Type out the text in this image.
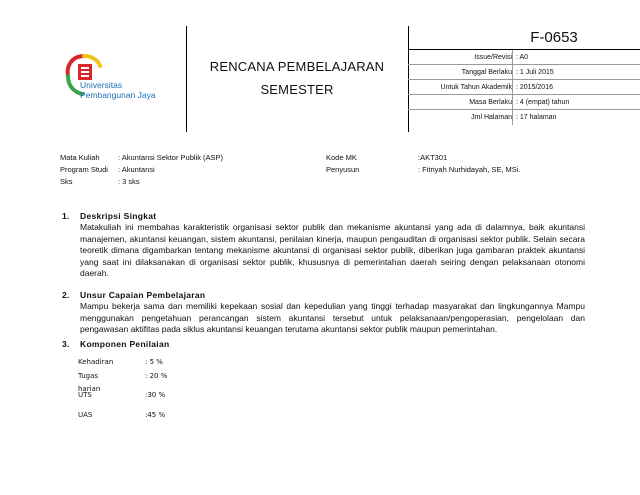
Universitas
Pembangunan Jaya
RENCANA PEMBELAJARAN
SEMESTER
F-0653
Issue/Revisi : A0
Tanggal Berlaku : 1 Juli 2015
Untuk Tahun Akademik : 2015/2016
Masa Berlaku : 4 (empat) tahun
Jml Halaman : 17 halaman
Mata Kuliah : Akuntansi Sektor Publik (ASP)
Program Studi : Akuntansi
Sks	: 3 sks
Kode MK	:AKT301
Penyusun	: Fitriyah Nurhidayah, SE, MSi.
1. Deskripsi Singkat
Matakuliah ini membahas karakteristik organisasi sektor publik dan mekanisme akuntansi yang ada di dalamnya, baik akuntansi manajemen, akuntansi keuangan, sistem akuntansi, penilaian kinerja, maupun pengauditan di organisasi sektor publik. Selain secara teoretik dimana digambarkan tentang mekanisme akuntansi di organisasi sektor publik, diberikan juga gambaran praktek akuntansi yang saat ini dilaksanakan di organisasi sektor publik, khususnya di pemerintahan daerah seiring dengan pelaksanaan otonomi daerah.
2. Unsur Capaian Pembelajaran
Mampu bekerja sama dan memiliki kepekaan sosial dan kepedulian yang tinggi terhadap masyarakat dan lingkungannya Mampu menggunakan pengetahuan perancangan sistem akuntansi tersebut untuk pelaksanaan/pengoperasian, pengelolaan dan pengawasan aktifitas pada siklus akuntansi keuangan terutama akuntansi sektor publik maupun pemerintahan.
3. Komponen Penilaian
Kehadiran	: 5 %
Tugas harian
: 20 %
UTS	:30 %
UAS	:45 %
